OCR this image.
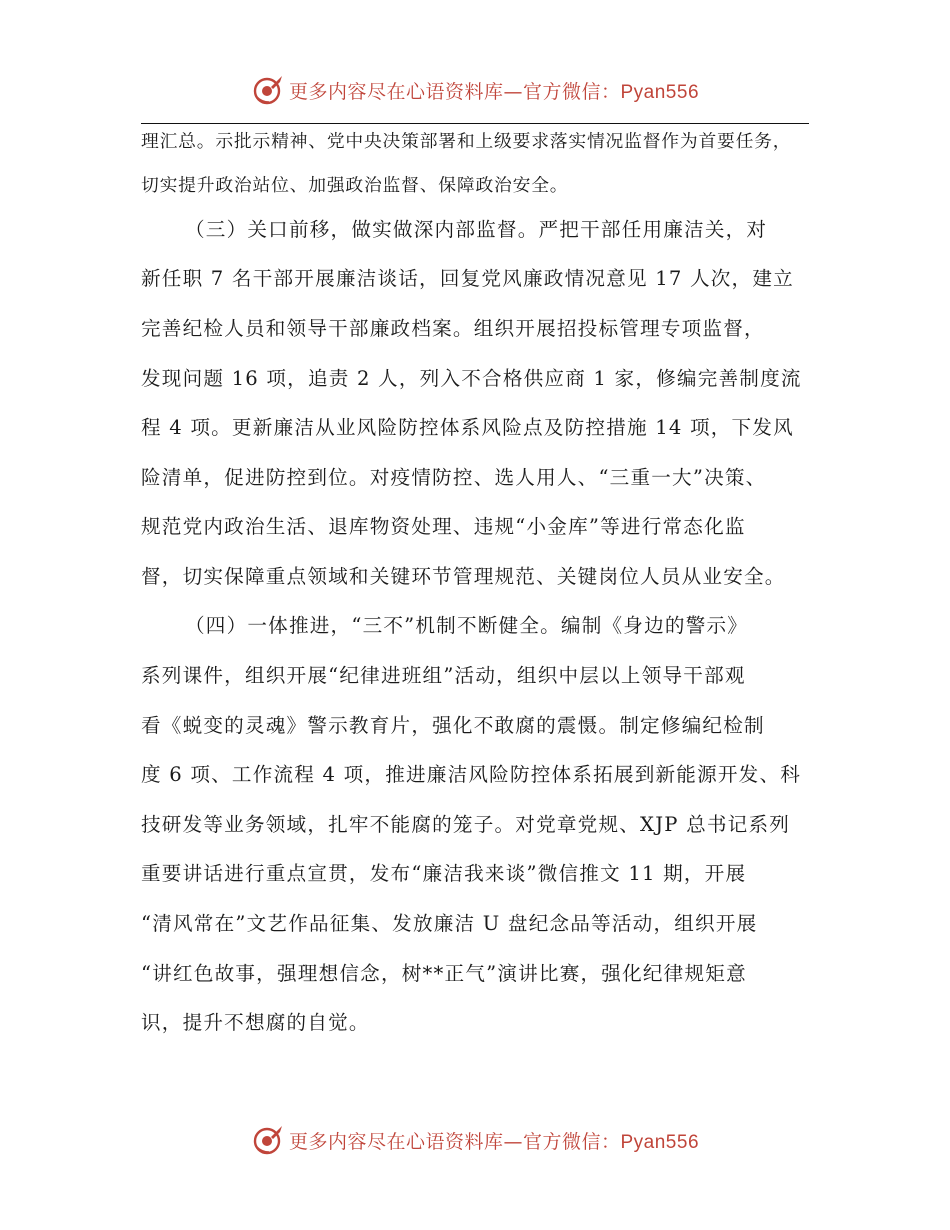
更多内容尽在心语资料库—官方微信：Pyan556

理汇总。示批示精神、党中央决策部署和上级要求落实情况监督作为首要任务，

切实提升政治站位、加强政治监督、保障政治安全。

（三）关口前移，做实做深内部监督。严把干部任用廉洁关，对

新任职 7 名干部开展廉洁谈话，回复党风廉政情况意见 17 人次，建立

完善纪检人员和领导干部廉政档案。组织开展招投标管理专项监督，

发现问题 16 项，追责 2 人，列入不合格供应商 1 家，修编完善制度流

程 4 项。更新廉洁从业风险防控体系风险点及防控措施 14 项，下发风

险清单，促进防控到位。对疫情防控、选人用人、“三重一大”决策、

规范党内政治生活、退库物资处理、违规“小金库”等进行常态化监

督，切实保障重点领域和关键环节管理规范、关键岗位人员从业安全。

（四）一体推进，“三不”机制不断健全。编制《身边的警示》

系列课件，组织开展“纪律进班组”活动，组织中层以上领导干部观

看《蜕变的灵魂》警示教育片，强化不敢腐的震慑。制定修编纪检制

度 6 项、工作流程 4 项，推进廉洁风险防控体系拓展到新能源开发、科

技研发等业务领域，扎牢不能腐的笼子。对党章党规、XJP 总书记系列

重要讲话进行重点宣贯，发布“廉洁我来谈”微信推文 11 期，开展

“清风常在”文艺作品征集、发放廉洁 U 盘纪念品等活动，组织开展

“讲红色故事，强理想信念，树**正气”演讲比赛，强化纪律规矩意

识，提升不想腐的自觉。

更多内容尽在心语资料库—官方微信：Pyan556
